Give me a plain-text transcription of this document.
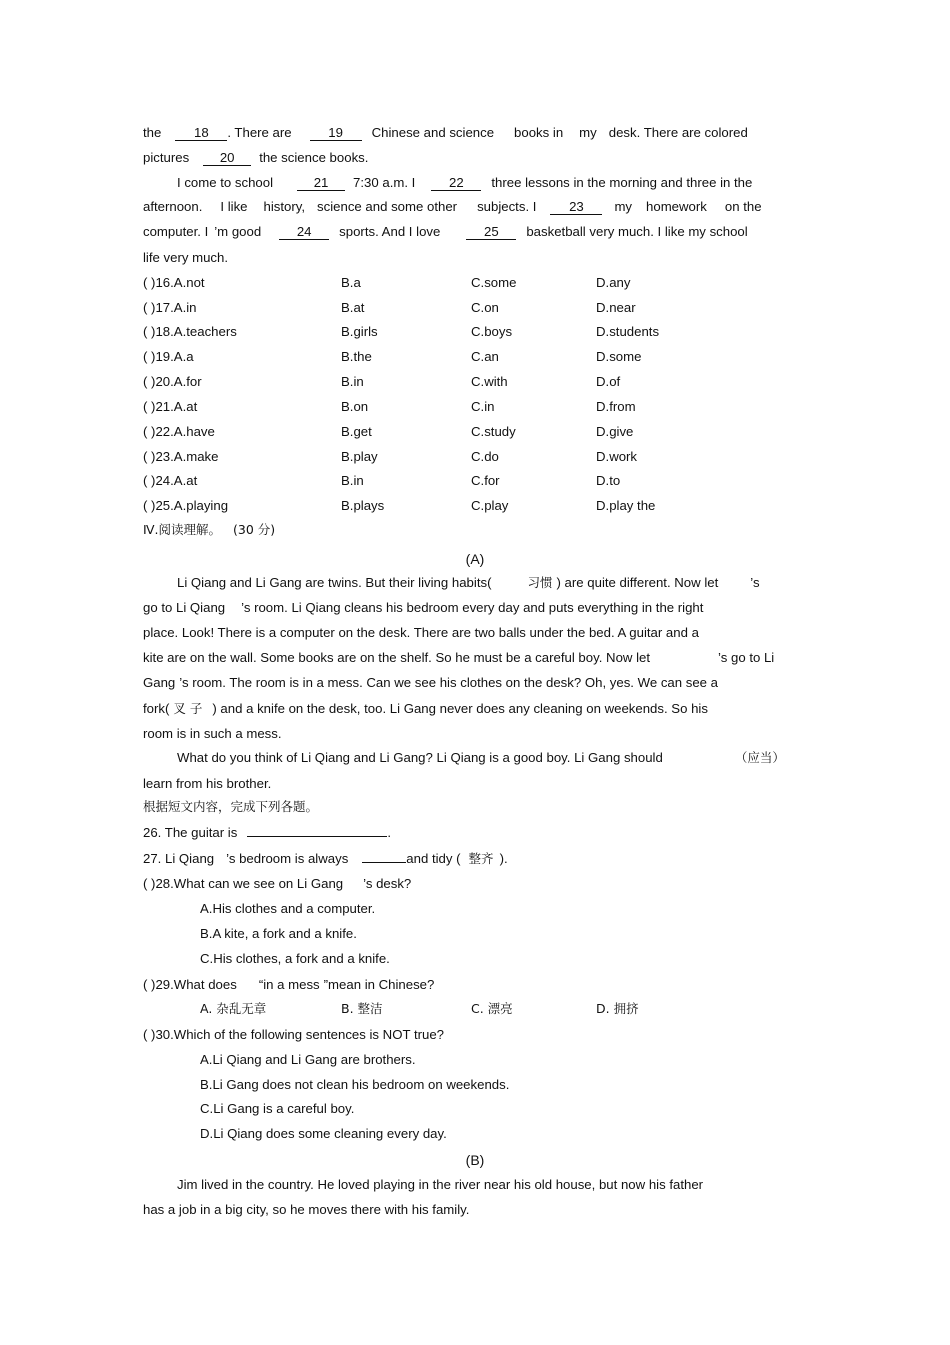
the 18 . There are	19 Chinese and science books in my desk. There are colored
pictures 20 the science books.
I come to school	21 7:30 a.m. I	22 three lessons in the morning and three in the
afternoon. I like history, science and some other subjects. I 23 my homework on the
computer. I ’m good	24 sports. And I love	25 basketball very much. I like my school
life very much.
( )16.A.not	B.a	C.some	D.any
( )17.A.in	B.at	C.on	D.near
( )18.A.teachers	B.girls	C.boys	D.students
( )19.A.a	B.the	C.an	D.some
( )20.A.for	B.in	C.with	D.of
( )21.A.at	B.on	C.in	D.from
( )22.A.have	B.get	C.study	D.give
( )23.A.make	B.play	C.do	D.work
( )24.A.at	B.in	C.for	D.to
( )25.A.playing	B.plays	C.play	D.play the
Ⅳ.阅读理解。 (30 分)
(A)
Li Qiang and Li Gang are twins. But their living habits(	习惯 ) are quite different. Now let ’s
go to Li Qiang ’s room. Li Qiang cleans his bedroom every day and puts everything in the right
place. Look! There is a computer on the desk. There are two balls under the bed. A guitar and a
kite are on the wall. Some books are on the shelf. So he must be a careful boy. Now let	’s go to Li
Gang ’s room. The room is in a mess. Can we see his clothes on the desk? Oh, yes. We can see a
fork( 叉 子 ) and a knife on the desk, too. Li Gang never does any cleaning on weekends. So his
room is in such a mess.
What do you think of Li Qiang and Li Gang? Li Qiang is a good boy. Li Gang should	（应当）
learn from his brother.
根据短文内容，完成下列各题。
26. The guitar is	.
27. Li Qiang ’s bedroom is always	and tidy ( 整齐 ).
( )28.What can we see on Li Gang ’s desk?
A.His clothes and a computer.
B.A kite, a fork and a knife.
C.His clothes, a fork and a knife.
( )29.What does “in a mess ”mean in Chinese?
A. 杂乱无章	B. 整洁	C. 漂亮	D. 拥挤
( )30.Which of the following sentences is NOT true?
A.Li Qiang and Li Gang are brothers.
B.Li Gang does not clean his bedroom on weekends.
C.Li Gang is a careful boy.
D.Li Qiang does some cleaning every day.
(B)
Jim lived in the country. He loved playing in the river near his old house, but now his father
has a job in a big city, so he moves there with his family.
